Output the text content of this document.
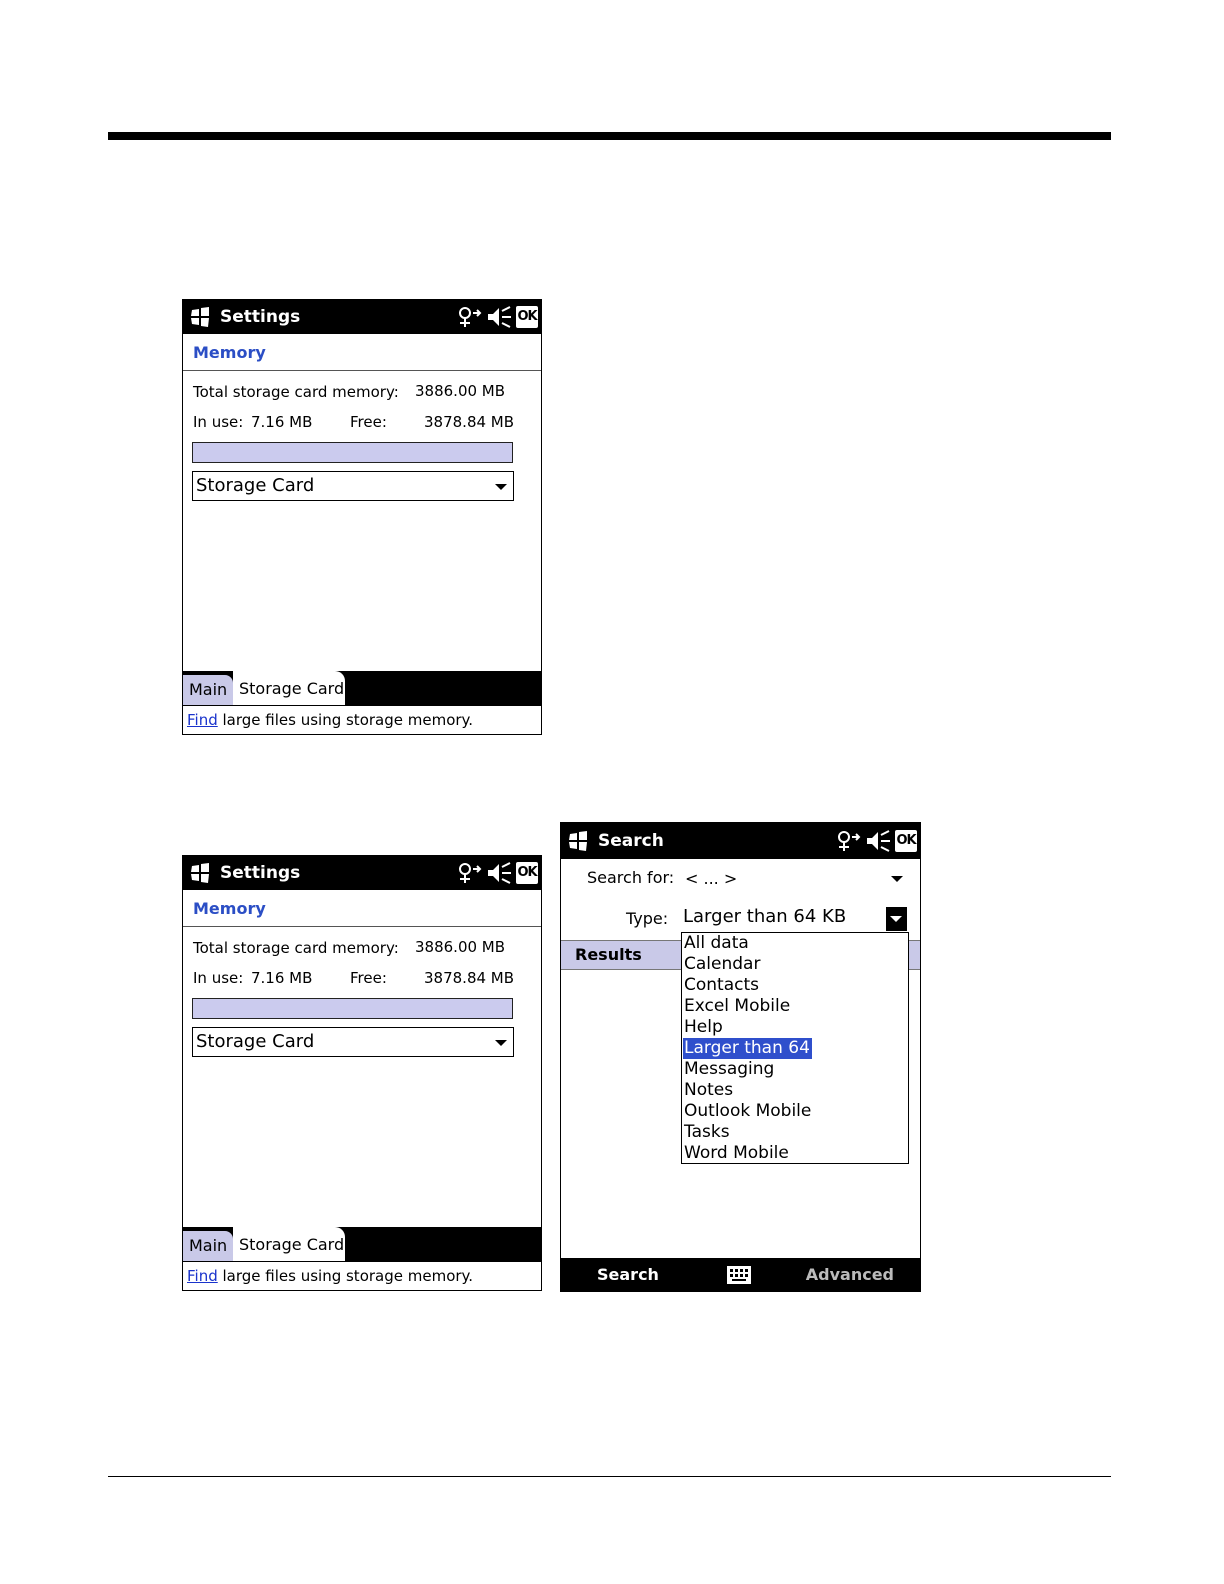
Settings	OK
Memory
Total storage card memory: 3886.00 MB
In use: 7.16 MB	Free: 3878.84 MB
Storage Card
Main Storage Card
Find large files using storage memory.
Settings	OK
Memory
Total storage card memory: 3886.00 MB
In use: 7.16 MB	Free: 3878.84 MB
Storage Card
Main Storage Card
Find large files using storage memory.
Search	OK
Search for: < ... >
Type: Larger than 64 KB
Results
All data
Calendar
Contacts
Excel Mobile
Help
Larger than 64
Messaging
Notes
Outlook Mobile
Tasks
Word Mobile
Search	Advanced
